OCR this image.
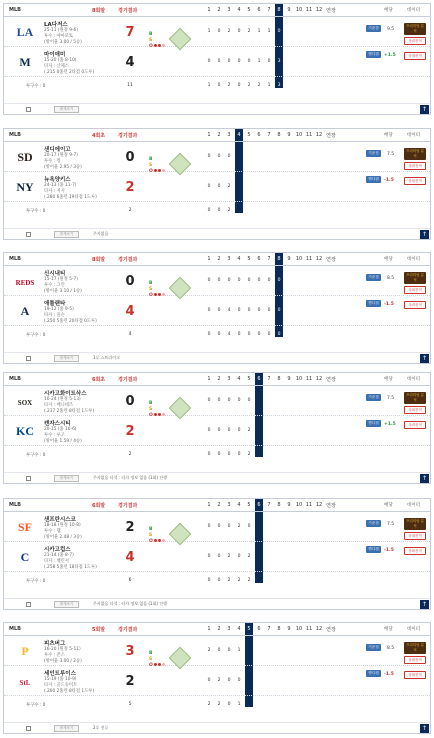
MLB	8회말	경기결과	1	2	3	4	5	6	7	8	9	10 11 12 연장	배당	데이터
LA LA다저스
25-11 (원정 9-6)
투수 : 야마모토
(방어율 3.00 / 5승)
7	1	0	2	0	2	1	1	0
기준점	9.5
프리미엄 분석
상대전적
M 마이애미
15-20 (홈 8-10)
타자 : 산체스
(.215 0홈런 2타점 0도루)
4	0	0	0	0	0	1	0	3
핸디캡	+1.5	상대전적
B
S
O
투구수 : 0	11	1	0	2	0	2	2	1	3
중계보기	↑
MLB	4회초	경기결과	1	2	3	4	5	6	7	8	9	10 11 12 연장	배당	데이터
SD 샌디에이고
20-17 (원정 9-7)
투수 : 킹
(방어율 2.95 / 3승)
0	0	0	0
기준점	7.5
프리미엄 분석
상대전적
NY 뉴욕양키스
24-13 (홈 11-7)
타자 : 저지
(.280 6홈런 19타점 1도루)
2	0	0	2
핸디캡	-1.5	상대전적
B
S
O
투구수 : 0	2	0	0	2
중계보기	주자없음	↑
MLB	8회말	경기결과	1	2	3	4	5	6	7	8	9	10 11 12 연장	배당	데이터
REDS
신시내티
15-17 (원정 5-7)
투수 : 그린
(방어율 3.10 / 1승)
0	0	0	0	0	0	0	0	0
기준점	8.5
프리미엄 분석
상대전적
A	애틀랜타
19-12 (홈 9-5)
타자 : 올슨
(.250 5홈런 20타점 0도루)
4	0	0	4	0	0	0	0	0
핸디캡	-1.5	상대전적
B
S
O
투구수 : 0	4	0	0	4	0	0	0	0	0
중계보기	1루 스트라이크	↑
MLB	6회초	경기결과	1	2	3	4	5	6	7	8	9	10 11 12 연장	배당	데이터
SOX
시카고화이트삭스
10-24 (원정 5-13)
타자 : 베니테즈
(.237 2홈런 8타점 1도루)
0	0	0	0	0	0
기준점	7.5
프리미엄 분석
상대전적
KC 캔자스시티
20-15 (홈 10-6)
투수 : 루고
(방어율 1.59 / 4승)
2	0	0	0	0	2
핸디캡	+1.5	상대전적
B
S
O
투구수 : 0	2	0	0	0	0	2
중계보기	주자없음 타석 : 타자 정보 없음 (1회) 진행	↑
MLB	6회말	경기결과	1	2	3	4	5	6	7	8	9	10 11 12 연장	배당	데이터
SF 샌프란시스코
18-18 (원정 10-8)
투수 : 웹
(방어율 2.48 / 3승)
2	0	0	0	2	0
기준점	7.5
프리미엄 분석
상대전적
C	시카고컵스
21-14 (홈 8-7)
타자 : 벨린저
(.258 5홈런 18타점 1도루)
4	0	0	2	0	2
핸디캡	-1.5	상대전적
B
S
O
투구수 : 0	6	0	0	2	2	2
중계보기	주자없음 타석 : 타자 정보 없음 (1회) 진행	↑
MLB	5회말	경기결과	1	2	3	4	5	6	7	8	9	10 11 12 연장	배당	데이터
P	피츠버그
16-20 (원정 5-11)
투수 : 존스
(방어율 3.00 / 2승)
3	2	0	0	1
기준점	8.5
프리미엄 분석
상대전적
StL
세인트루이스
15-19 (홈 10-9)
타자 : 골드슈미트
(.200 2홈런 8타점 1도루)
2	0	2	0	0
핸디캡	-1.5	상대전적
B
S
O
투구수 : 0	5	2	2	0	1
중계보기	2루 진루	↑
